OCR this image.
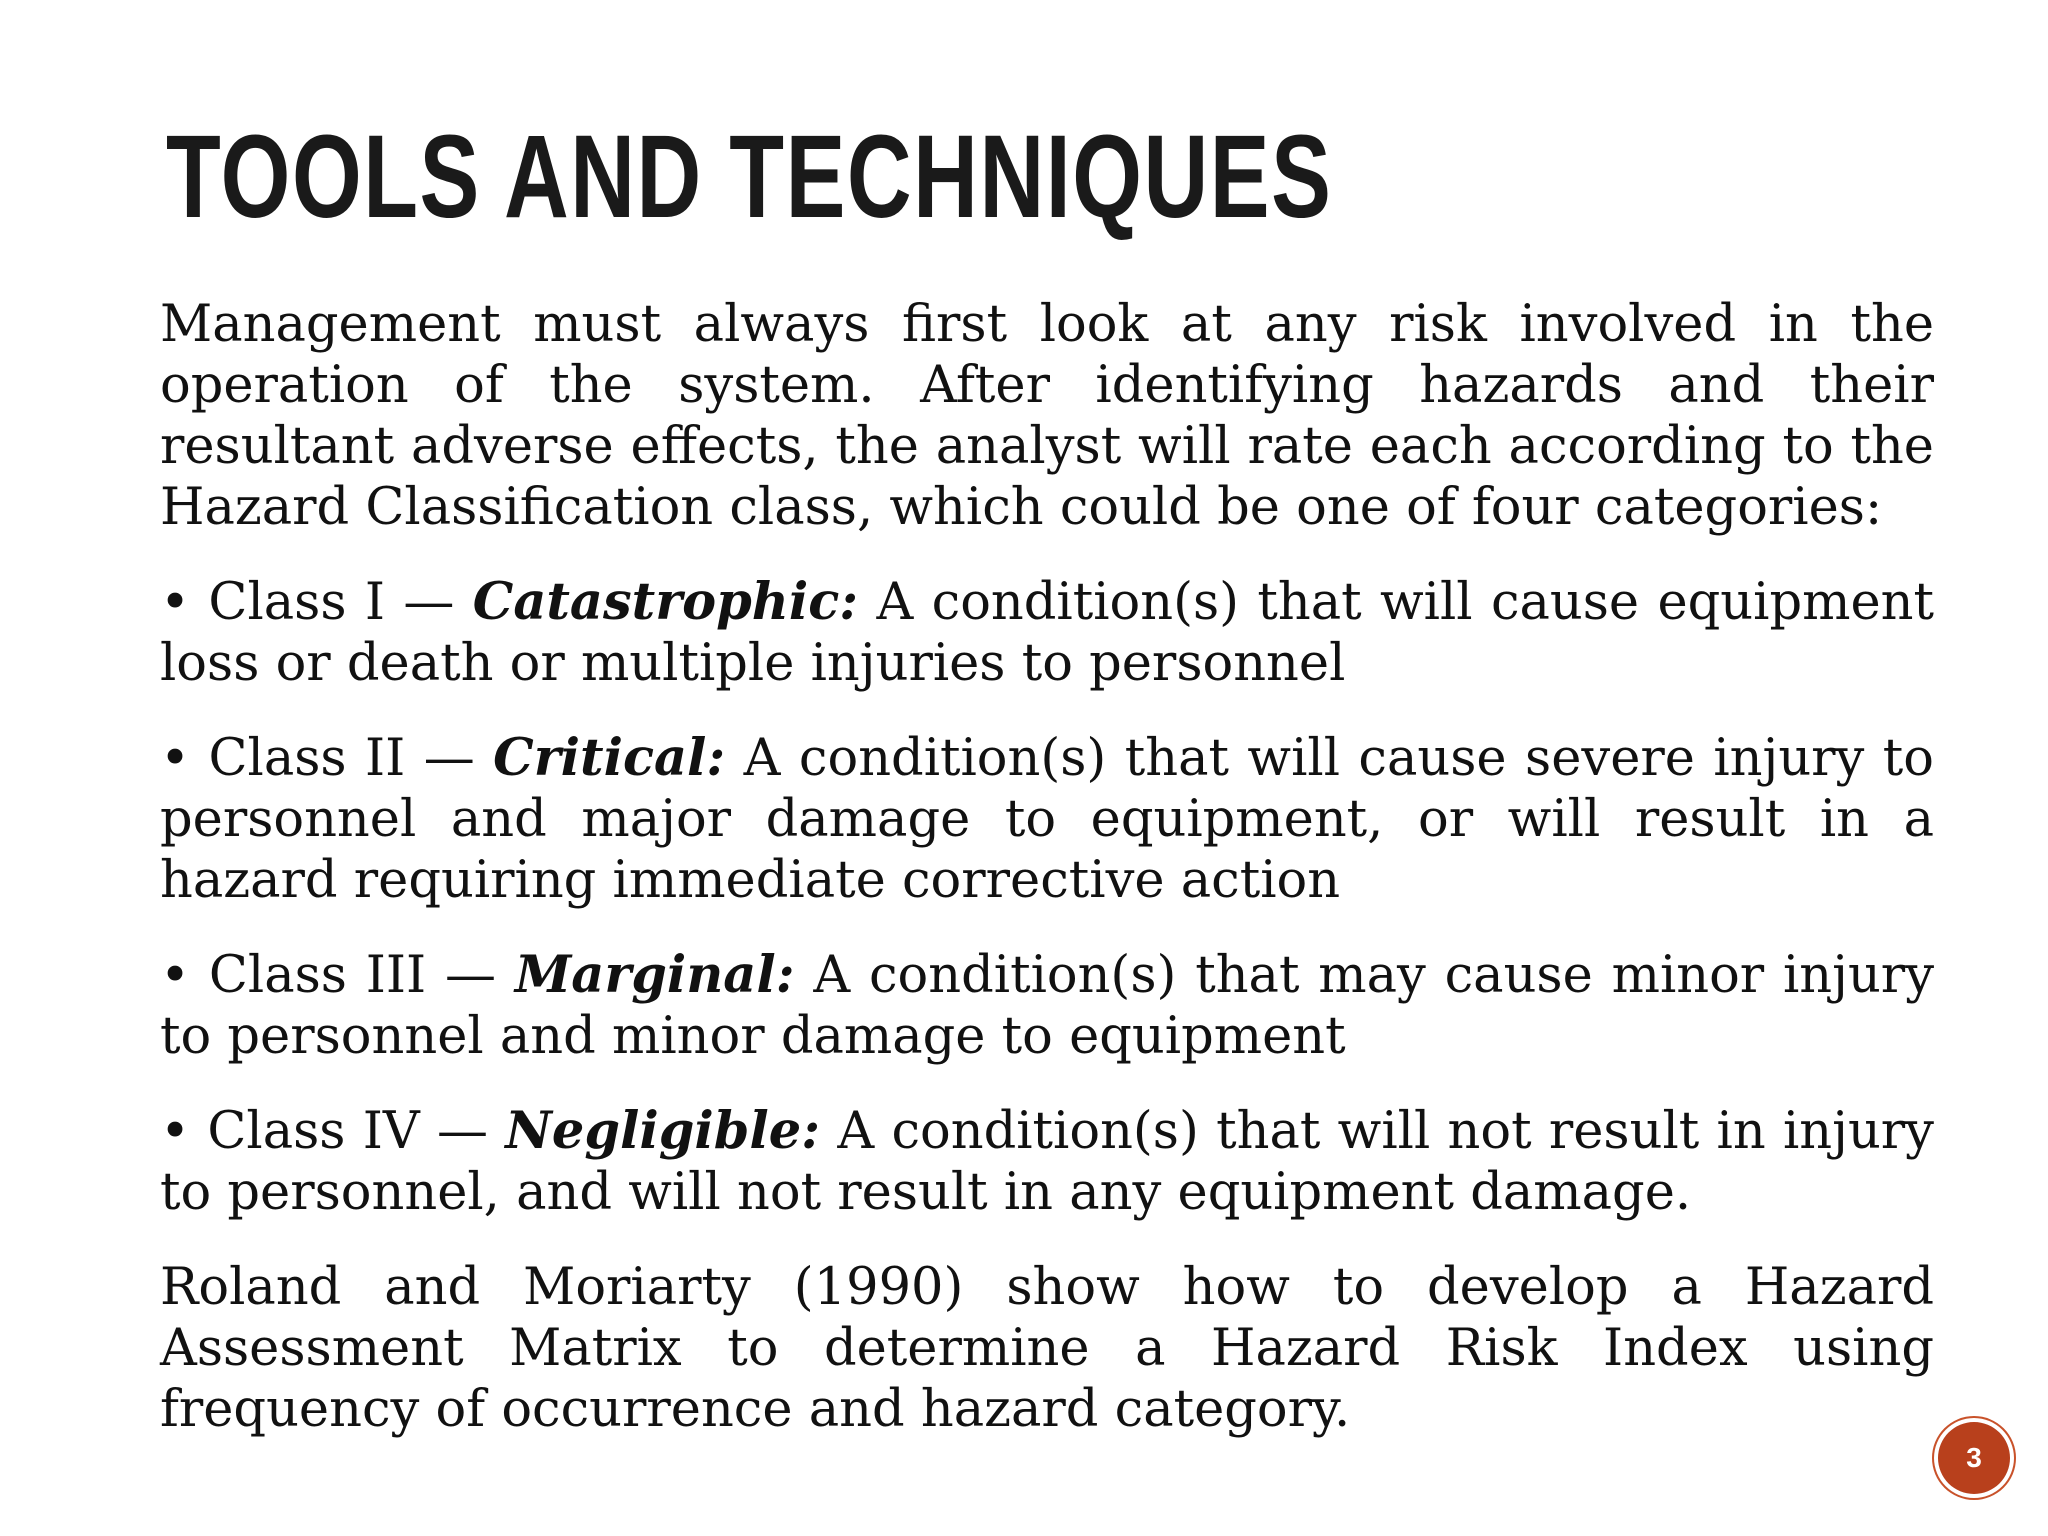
TOOLS AND TECHNIQUES

Management must always first look at any risk involved in the operation of the system. After identifying hazards and their resultant adverse effects, the analyst will rate each according to the Hazard Classification class, which could be one of four categories:

• Class I — Catastrophic: A condition(s) that will cause equipment loss or death or multiple injuries to personnel

• Class II — Critical: A condition(s) that will cause severe injury to personnel and major damage to equipment, or will result in a hazard requiring immediate corrective action

• Class III — Marginal: A condition(s) that may cause minor injury to personnel and minor damage to equipment

• Class IV — Negligible: A condition(s) that will not result in injury to personnel, and will not result in any equipment damage.

Roland and Moriarty (1990) show how to develop a Hazard Assessment Matrix to determine a Hazard Risk Index using frequency of occurrence and hazard category.

3
